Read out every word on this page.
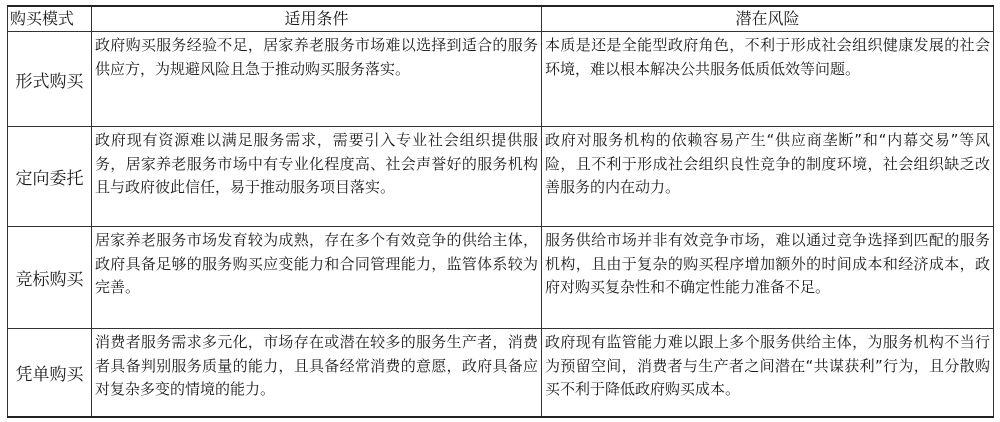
购买模式	适用条件	潜在风险
形式购买	政府购买服务经验不足，居家养老服务市场难以选择到适合的服务供应方，为规避风险且急于推动购买服务落实。	本质是还是全能型政府角色，不利于形成社会组织健康发展的社会环境，难以根本解决公共服务低质低效等问题。
定向委托	政府现有资源难以满足服务需求，需要引入专业社会组织提供服务，居家养老服务市场中有专业化程度高、社会声誉好的服务机构且与政府彼此信任，易于推动服务项目落实。	政府对服务机构的依赖容易产生“供应商垄断”和“内幕交易”等风险，且不利于形成社会组织良性竞争的制度环境，社会组织缺乏改善服务的内在动力。
竞标购买	居家养老服务市场发育较为成熟，存在多个有效竞争的供给主体，政府具备足够的服务购买应变能力和合同管理能力，监管体系较为完善。	服务供给市场并非有效竞争市场，难以通过竞争选择到匹配的服务机构，且由于复杂的购买程序增加额外的时间成本和经济成本，政府对购买复杂性和不确定性能力准备不足。
凭单购买	消费者服务需求多元化，市场存在或潜在较多的服务生产者，消费者具备判别服务质量的能力，且具备经常消费的意愿，政府具备应对复杂多变的情境的能力。	政府现有监管能力难以跟上多个服务供给主体，为服务机构不当行为预留空间，消费者与生产者之间潜在“共谋获利”行为，且分散购买不利于降低政府购买成本。
